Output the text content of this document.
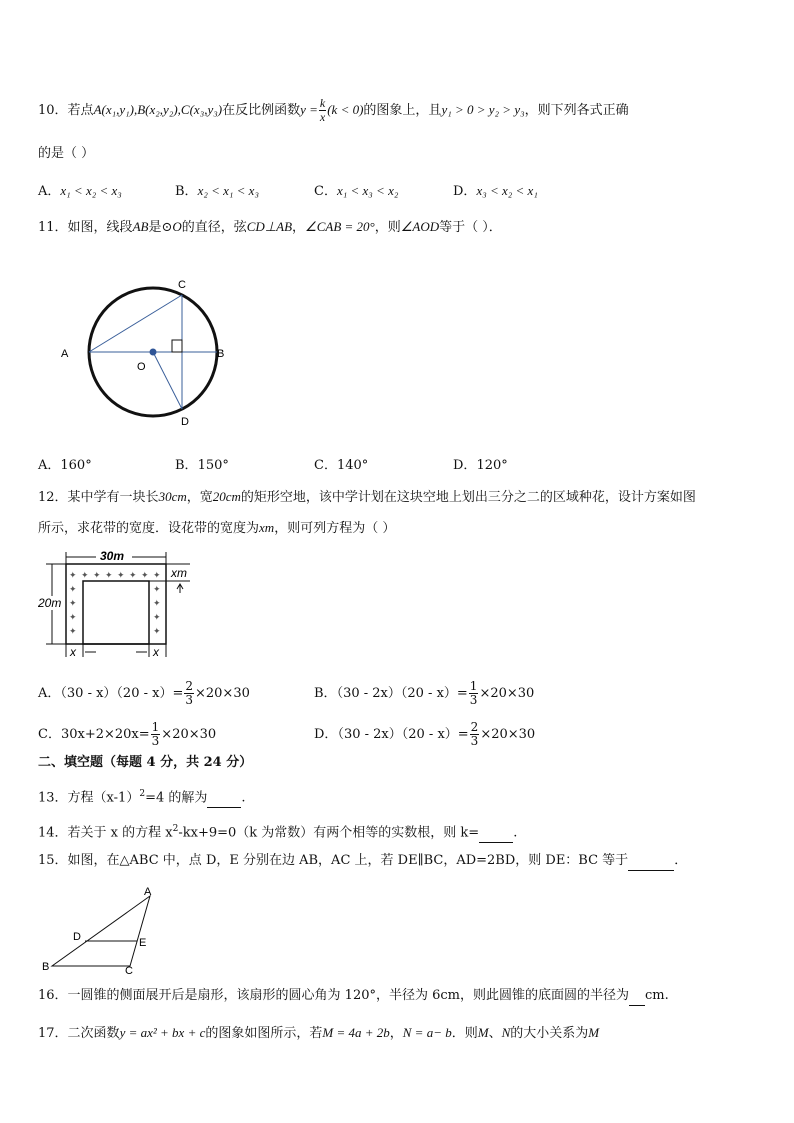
10．若点A(x₁,y₁),B(x₂,y₂),C(x₃,y₃)在反比例函数$y = \frac{k}{x} (k < 0)$的图象上，且y₁ > 0 > y₂ > y₃，则下列各式正确
的是（ ）
A．x₁ < x₂ < x₃	B．x₂ < x₁ < x₃	C．x₁ < x₃ < x₂	D．x₃ < x₂ < x₁
11．如图，线段AB是⊙O的直径，弦CD⊥AB，∠CAB = 20°，则∠AOD等于（ ）．
A	B
C
D
O
A．160°	B．150°	C．140°	D．120°
12．某中学有一块长30cm，宽20cm的矩形空地，该中学计划在这块空地上划出三分之二的区域种花，设计方案如图
所示，求花带的宽度．设花带的宽度为xm，则可列方程为（ ）
✦ ✦ ✦ ✦ ✦ ✦ ✦ ✦
✦
✦
✦
✦
✦
✦
✦
✦
30m
20m
xm
x	x
A．$(30 - x)(20 - x)= \frac{2}{3} \times 20\times 30$	B．$(30 - 2x)(20 - x)= \frac{1}{3} \times 20\times 30$
C．$30x+2\times 20x= \frac{1}{3} \times 20\times 30$	D．$(30 - 2x)(20 - x)= \frac{2}{3} \times 20\times 30$
二、填空题（每题 4 分，共 24 分）
13．方程$(x-1)^2=4$ 的解为	.
14．若关于 x 的方程 $x^2-kx+9=0(k$ 为常数）有两个相等的实数根，则 k=	.
15．如图，在△ABC 中，点 D，E 分别在边 AB，AC 上，若 DE∥BC，AD=2BD，则 DE：BC 等于	．
A
B	C
D	E
16．一圆锥的侧面展开后是扇形，该扇形的圆心角为 120°，半径为 6cm，则此圆锥的底面圆的半径为 cm.
17．二次函数y = ax² + bx + c的图象如图所示，若M = 4a + 2b，N = a− b．则M、N的大小关系为M
